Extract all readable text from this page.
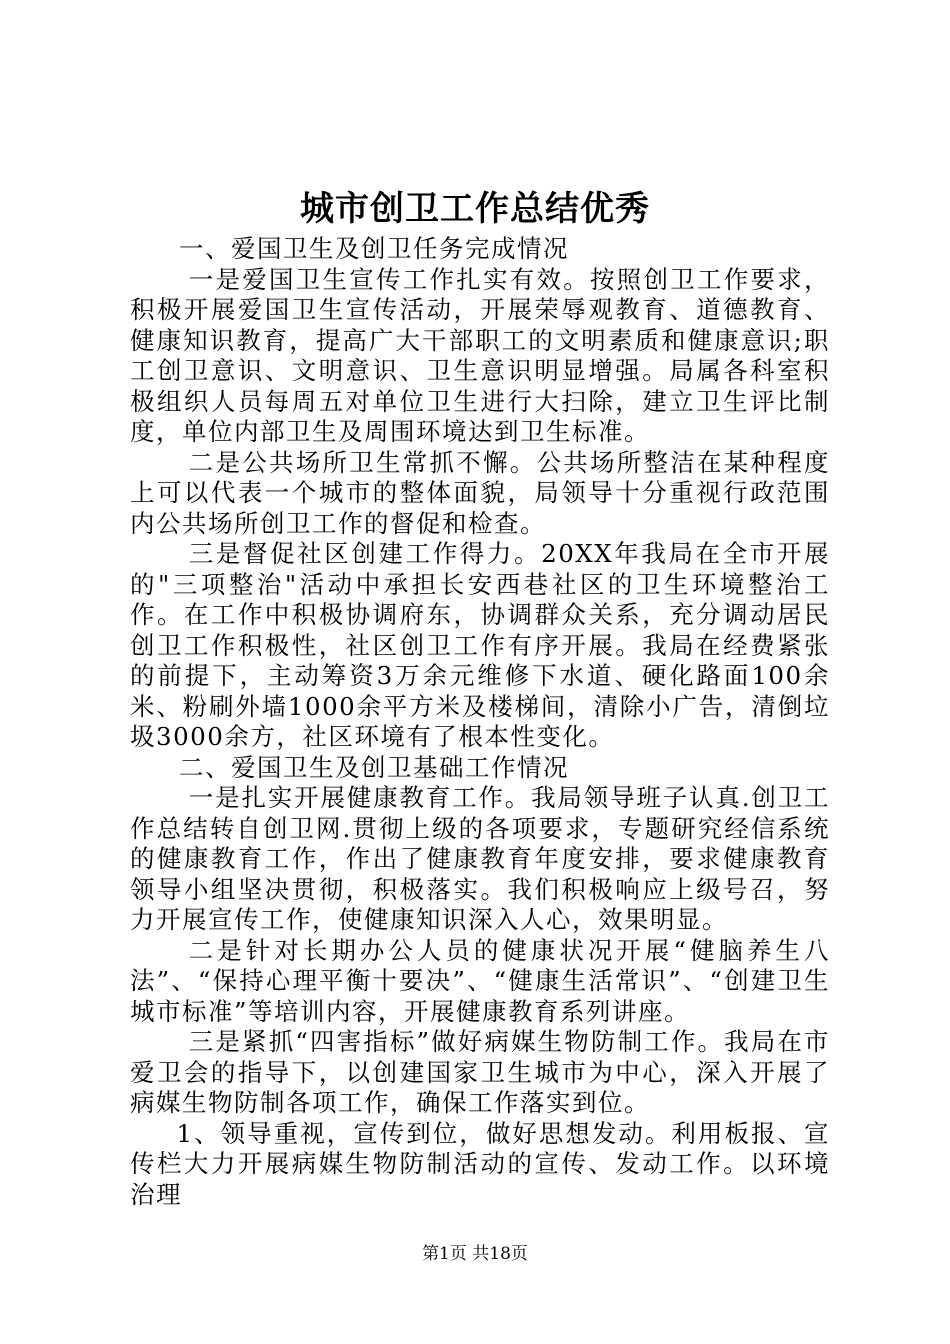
城市创卫工作总结优秀

一、爱国卫生及创卫任务完成情况

一是爱国卫生宣传工作扎实有效。按照创卫工作要求，积极开展爱国卫生宣传活动，开展荣辱观教育、道德教育、健康知识教育，提高广大干部职工的文明素质和健康意识;职工创卫意识、文明意识、卫生意识明显增强。局属各科室积极组织人员每周五对单位卫生进行大扫除，建立卫生评比制度，单位内部卫生及周围环境达到卫生标准。

二是公共场所卫生常抓不懈。公共场所整洁在某种程度上可以代表一个城市的整体面貌，局领导十分重视行政范围内公共场所创卫工作的督促和检查。

三是督促社区创建工作得力。20XX年我局在全市开展的"三项整治"活动中承担长安西巷社区的卫生环境整治工作。在工作中积极协调府东，协调群众关系，充分调动居民创卫工作积极性，社区创卫工作有序开展。我局在经费紧张的前提下，主动筹资3万余元维修下水道、硬化路面100余米、粉刷外墙1000余平方米及楼梯间，清除小广告，清倒垃圾3000余方，社区环境有了根本性变化。

二、爱国卫生及创卫基础工作情况

一是扎实开展健康教育工作。我局领导班子认真.创卫工作总结转自创卫网.贯彻上级的各项要求，专题研究经信系统的健康教育工作，作出了健康教育年度安排，要求健康教育领导小组坚决贯彻，积极落实。我们积极响应上级号召，努力开展宣传工作，使健康知识深入人心，效果明显。

二是针对长期办公人员的健康状况开展“健脑养生八法”、“保持心理平衡十要决”、“健康生活常识”、“创建卫生城市标准”等培训内容，开展健康教育系列讲座。

三是紧抓“四害指标”做好病媒生物防制工作。我局在市爱卫会的指导下，以创建国家卫生城市为中心，深入开展了病媒生物防制各项工作，确保工作落实到位。

1、领导重视，宣传到位，做好思想发动。利用板报、宣传栏大力开展病媒生物防制活动的宣传、发动工作。以环境治理

第1页 共18页
